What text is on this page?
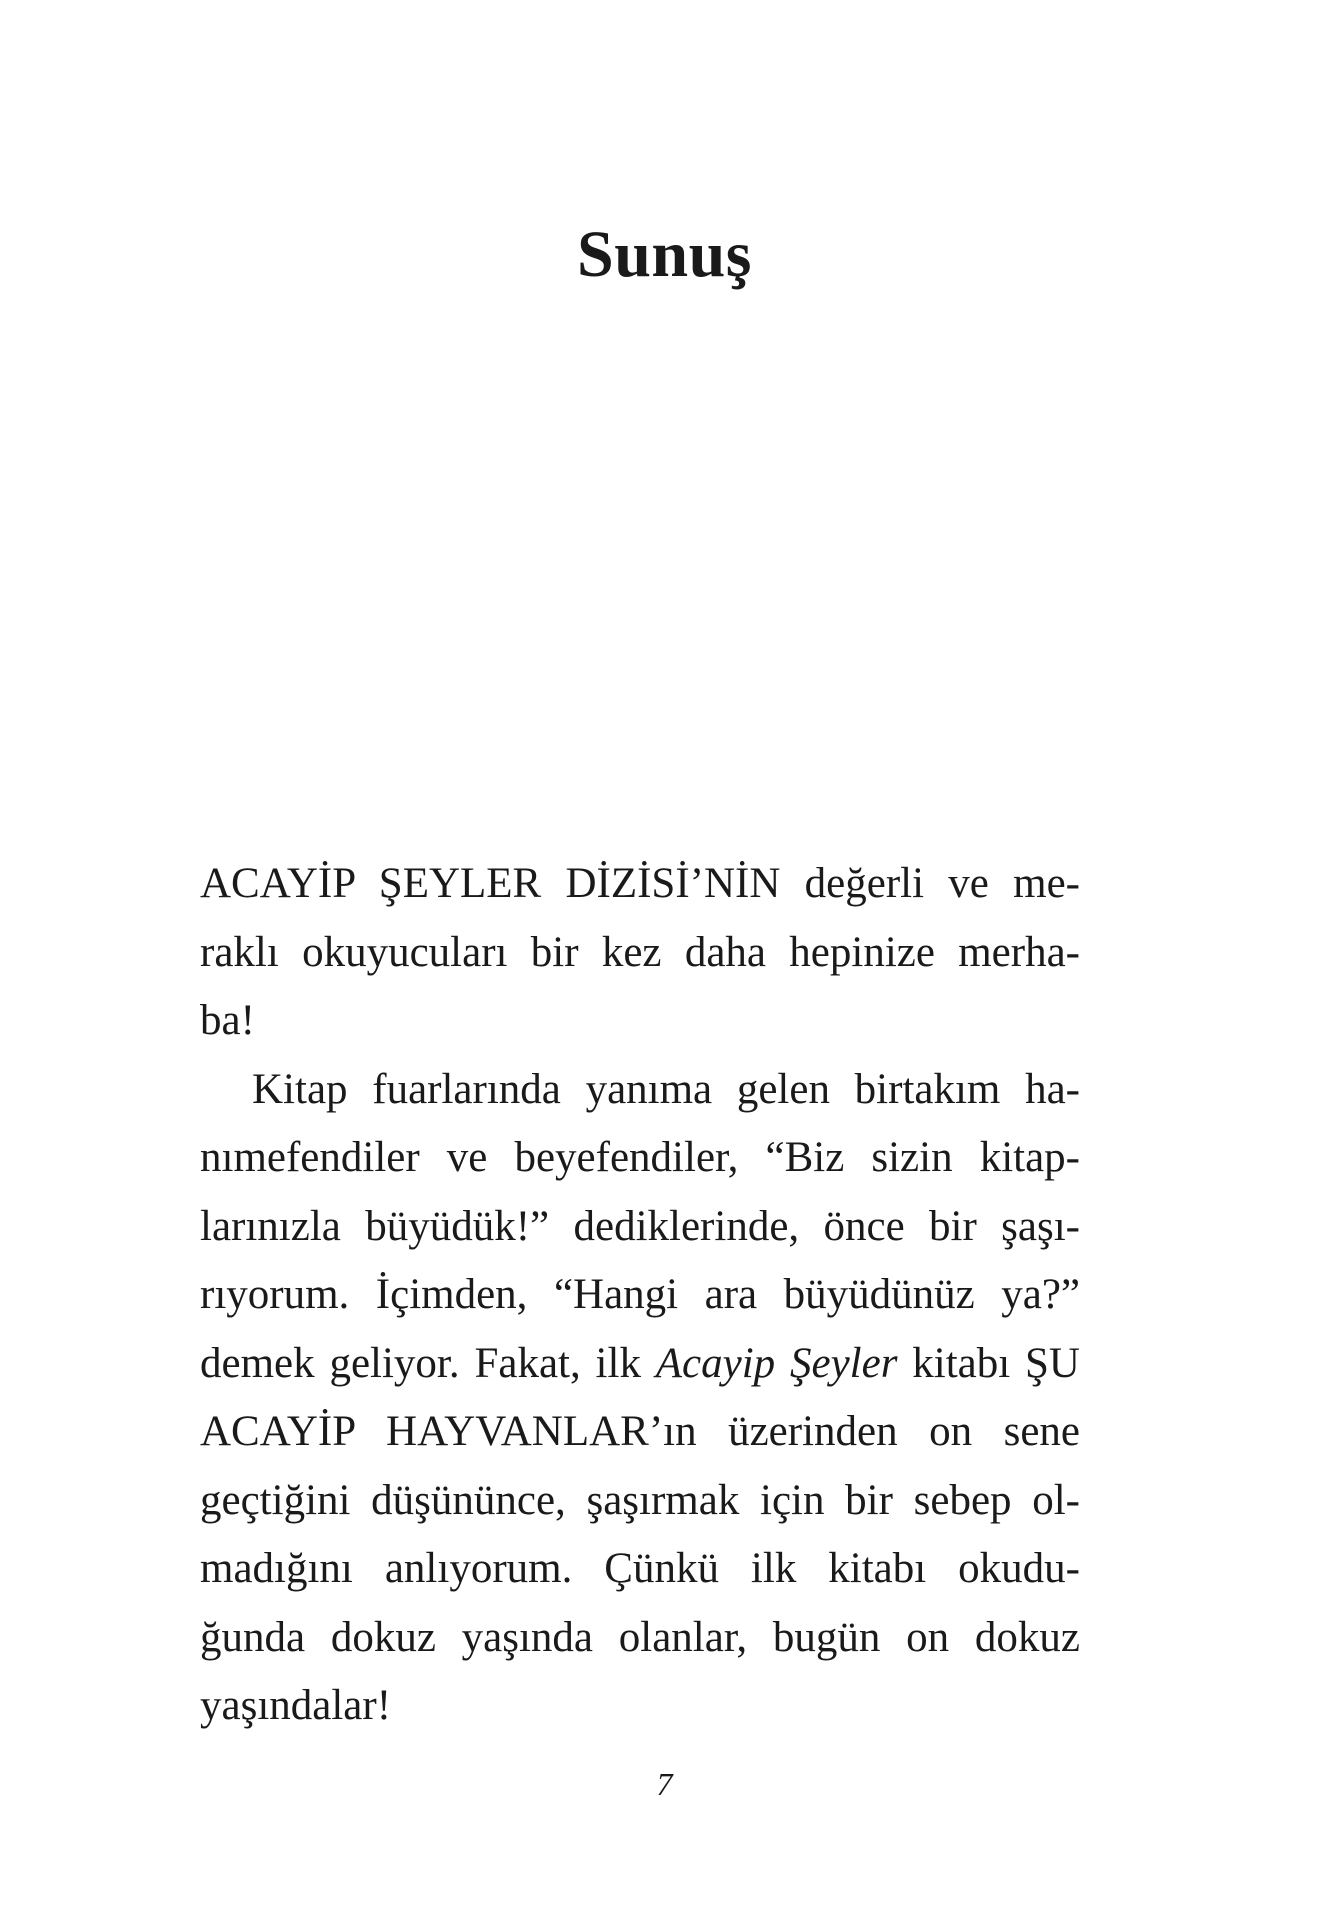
Sunuş
ACAYİP ŞEYLER DİZİSİ’NİN değerli ve me-
raklı okuyucuları bir kez daha hepinize merha-
ba!
Kitap fuarlarında yanıma gelen birtakım ha-
nımefendiler ve beyefendiler, “Biz sizin kitap-
larınızla büyüdük!” dediklerinde, önce bir şaşı-
rıyorum. İçimden, “Hangi ara büyüdünüz ya?”
demek geliyor. Fakat, ilk Acayip Şeyler kitabı ŞU
ACAYİP HAYVANLAR’ın üzerinden on sene
geçtiğini düşününce, şaşırmak için bir sebep ol-
madığını anlıyorum. Çünkü ilk kitabı okudu-
ğunda dokuz yaşında olanlar, bugün on dokuz
yaşındalar!
7
